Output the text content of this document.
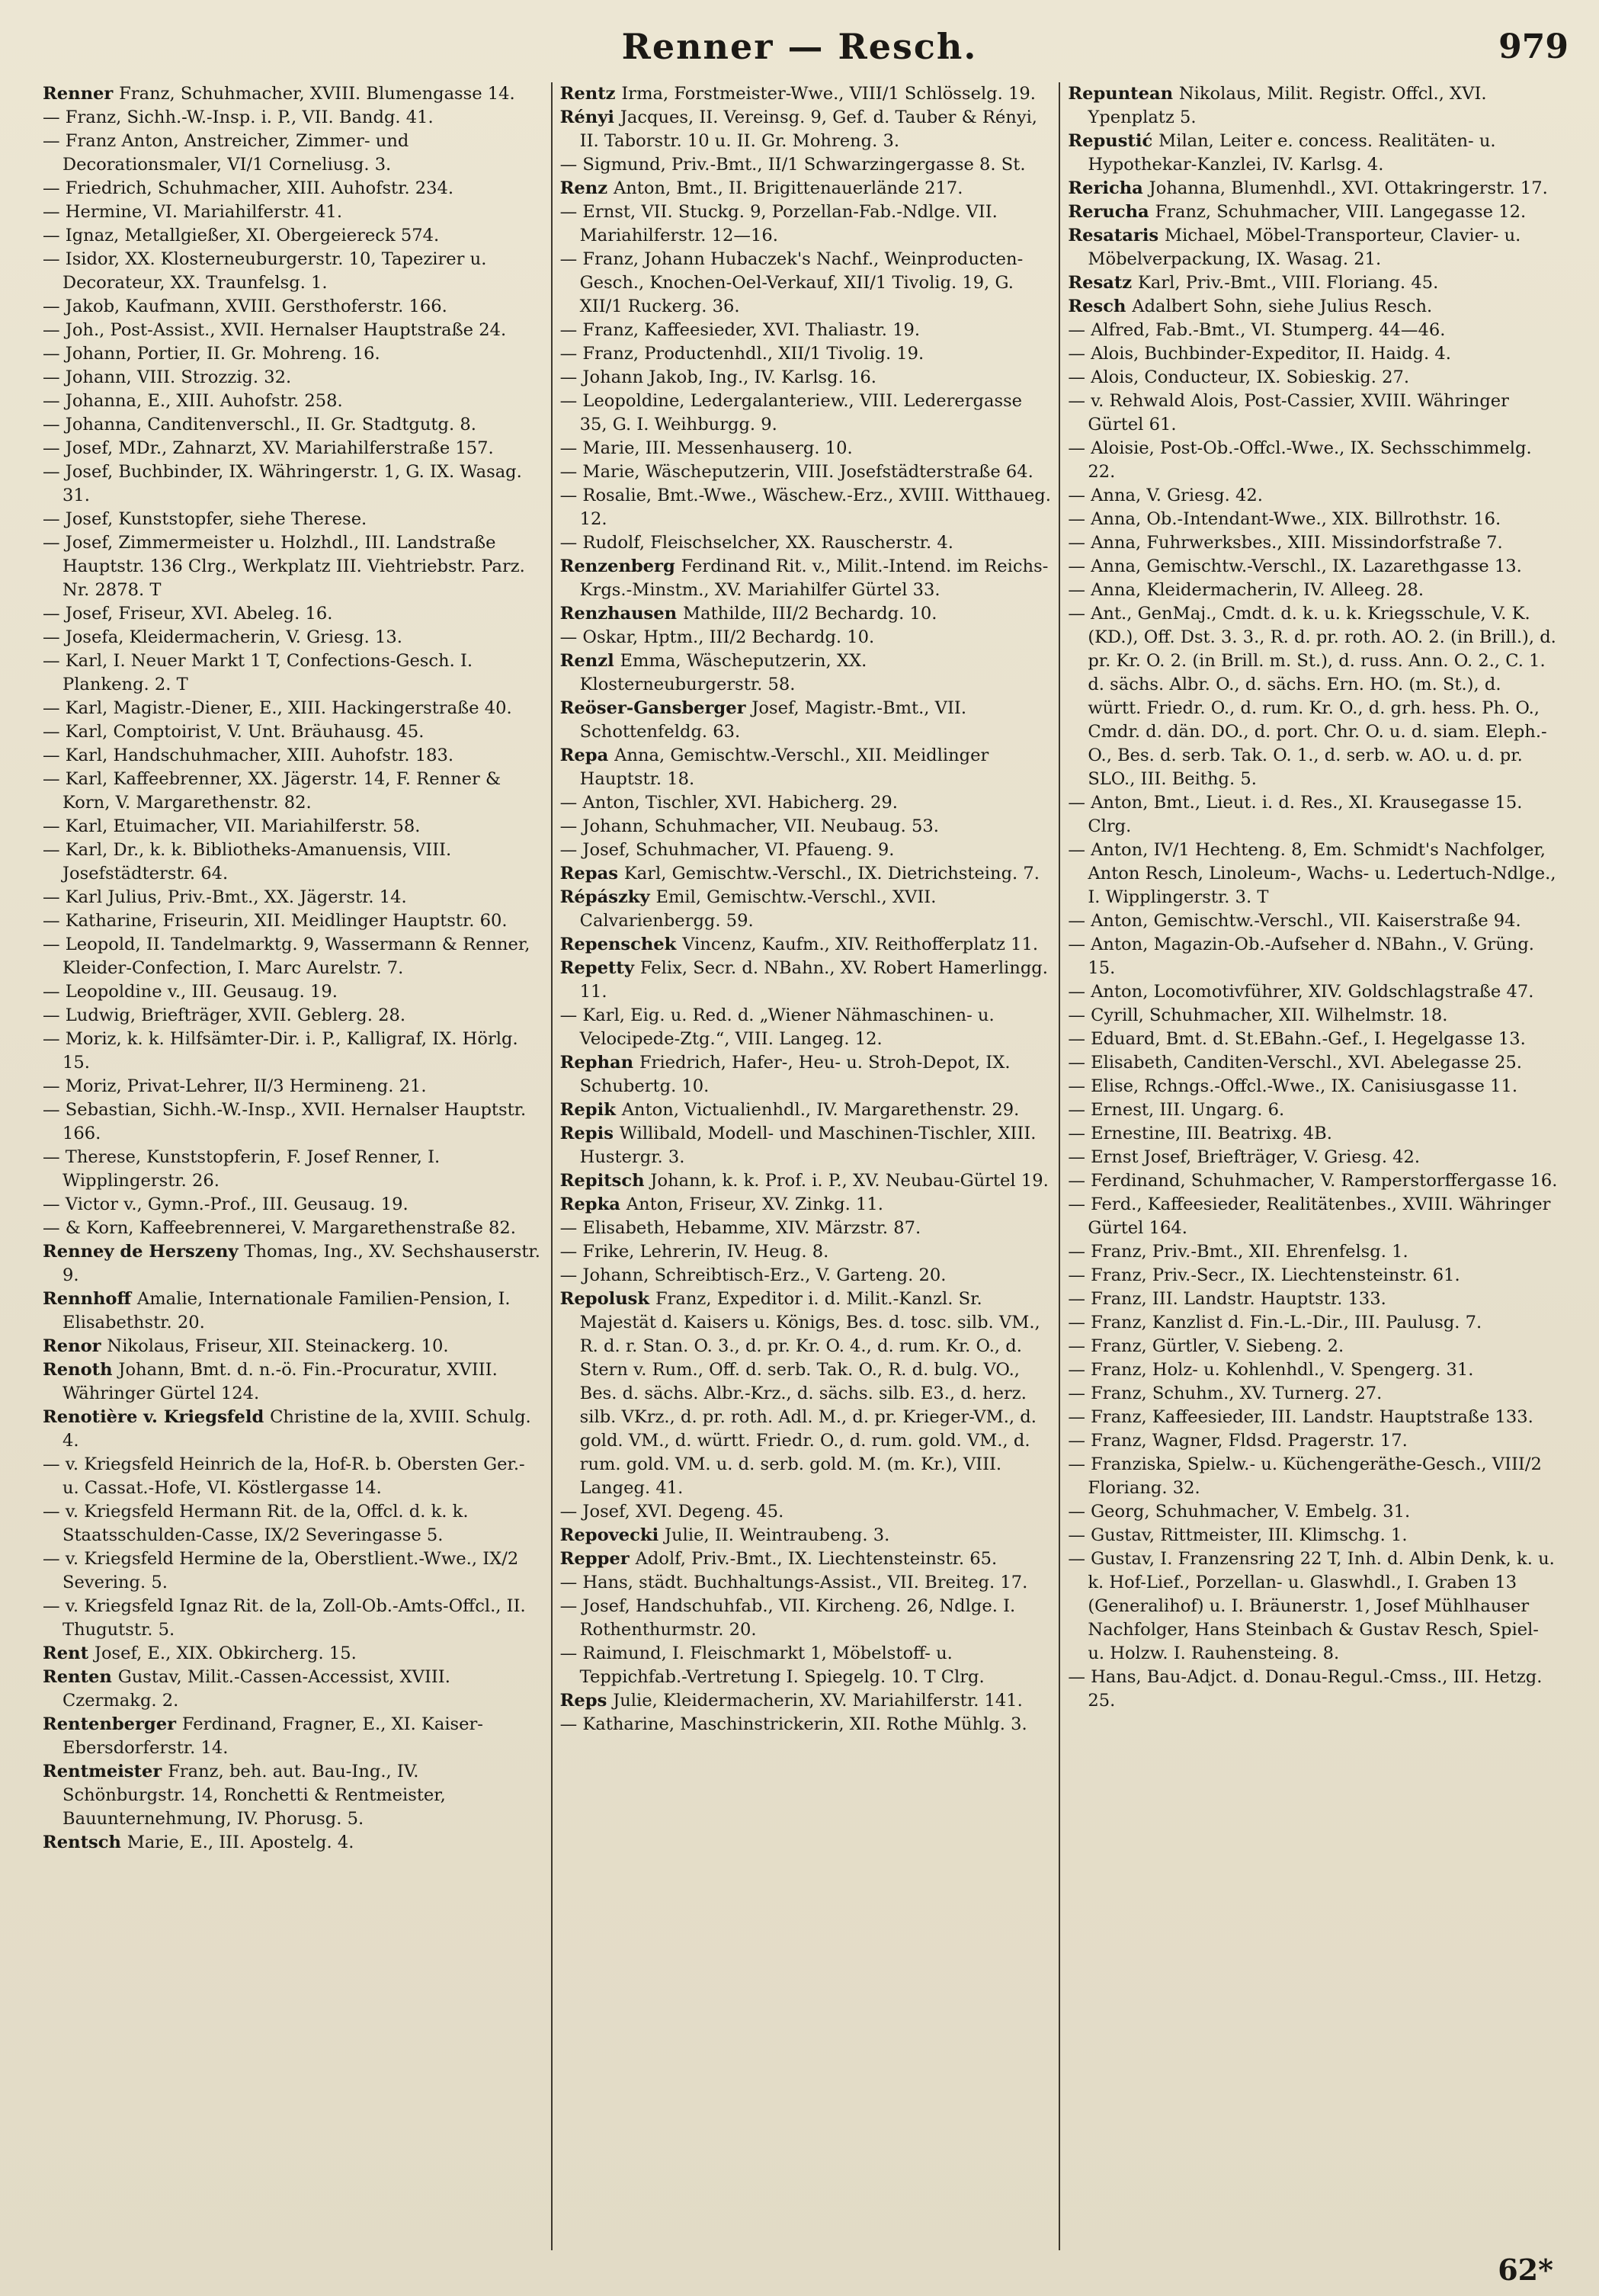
Renner — Resch.	979

Renner Franz, Schuhmacher, XVIII. Blumengasse 14.

— Franz, Sichh.-W.-Insp. i. P., VII. Bandg. 41.

— Franz Anton, Anstreicher, Zimmer- und Decorationsmaler, VI/1 Corneliusg. 3.

— Friedrich, Schuhmacher, XIII. Auhofstr. 234.

— Hermine, VI. Mariahilferstr. 41.

— Ignaz, Metallgießer, XI. Obergeiereck 574.

— Isidor, XX. Klosterneuburgerstr. 10, Tapezirer u. Decorateur, XX. Traunfelsg. 1.

— Jakob, Kaufmann, XVIII. Gersthoferstr. 166.

— Joh., Post-Assist., XVII. Hernalser Hauptstraße 24.

— Johann, Portier, II. Gr. Mohreng. 16.

— Johann, VIII. Strozzig. 32.

— Johanna, E., XIII. Auhofstr. 258.

— Johanna, Canditenverschl., II. Gr. Stadtgutg. 8.

— Josef, MDr., Zahnarzt, XV. Mariahilferstraße 157.

— Josef, Buchbinder, IX. Währingerstr. 1, G. IX. Wasag. 31.

— Josef, Kunststopfer, siehe Therese.

— Josef, Zimmermeister u. Holzhdl., III. Landstraße Hauptstr. 136 Clrg., Werkplatz III. Viehtriebstr. Parz. Nr. 2878. T

— Josef, Friseur, XVI. Abeleg. 16.

— Josefa, Kleidermacherin, V. Griesg. 13.

— Karl, I. Neuer Markt 1 T, Confections-Gesch. I. Plankeng. 2. T

— Karl, Magistr.-Diener, E., XIII. Hackingerstraße 40.

— Karl, Comptoirist, V. Unt. Bräuhausg. 45.

— Karl, Handschuhmacher, XIII. Auhofstr. 183.

— Karl, Kaffeebrenner, XX. Jägerstr. 14, F. Renner & Korn, V. Margarethenstr. 82.

— Karl, Etuimacher, VII. Mariahilferstr. 58.

— Karl, Dr., k. k. Bibliotheks-Amanuensis, VIII. Josefstädterstr. 64.

— Karl Julius, Priv.-Bmt., XX. Jägerstr. 14.

— Katharine, Friseurin, XII. Meidlinger Hauptstr. 60.

— Leopold, II. Tandelmarktg. 9, Wassermann & Renner, Kleider-Confection, I. Marc Aurelstr. 7.

— Leopoldine v., III. Geusaug. 19.

— Ludwig, Briefträger, XVII. Geblerg. 28.

— Moriz, k. k. Hilfsämter-Dir. i. P., Kalligraf, IX. Hörlg. 15.

— Moriz, Privat-Lehrer, II/3 Hermineng. 21.

— Sebastian, Sichh.-W.-Insp., XVII. Hernalser Hauptstr. 166.

— Therese, Kunststopferin, F. Josef Renner, I. Wipplingerstr. 26.

— Victor v., Gymn.-Prof., III. Geusaug. 19.

— & Korn, Kaffeebrennerei, V. Margarethenstraße 82.

Renney de Herszeny Thomas, Ing., XV. Sechshauserstr. 9.

Rennhoff Amalie, Internationale Familien-Pension, I. Elisabethstr. 20.

Renor Nikolaus, Friseur, XII. Steinackerg. 10.

Renoth Johann, Bmt. d. n.-ö. Fin.-Procuratur, XVIII. Währinger Gürtel 124.

Renotière v. Kriegsfeld Christine de la, XVIII. Schulg. 4.

— v. Kriegsfeld Heinrich de la, Hof-R. b. Obersten Ger.- u. Cassat.-Hofe, VI. Köstlergasse 14.

— v. Kriegsfeld Hermann Rit. de la, Offcl. d. k. k. Staatsschulden-Casse, IX/2 Severingasse 5.

— v. Kriegsfeld Hermine de la, Oberstlient.-Wwe., IX/2 Severing. 5.

— v. Kriegsfeld Ignaz Rit. de la, Zoll-Ob.-Amts-Offcl., II. Thugutstr. 5.

Rent Josef, E., XIX. Obkircherg. 15.

Renten Gustav, Milit.-Cassen-Accessist, XVIII. Czermakg. 2.

Rentenberger Ferdinand, Fragner, E., XI. Kaiser-Ebersdorferstr. 14.

Rentmeister Franz, beh. aut. Bau-Ing., IV. Schönburgstr. 14, Ronchetti & Rentmeister, Bauunternehmung, IV. Phorusg. 5.

Rentsch Marie, E., III. Apostelg. 4.

Rentz Irma, Forstmeister-Wwe., VIII/1 Schlösselg. 19.

Rényi Jacques, II. Vereinsg. 9, Gef. d. Tauber & Rényi, II. Taborstr. 10 u. II. Gr. Mohreng. 3.

— Sigmund, Priv.-Bmt., II/1 Schwarzingergasse 8. St.

Renz Anton, Bmt., II. Brigittenauerlände 217.

— Ernst, VII. Stuckg. 9, Porzellan-Fab.-Ndlge. VII. Mariahilferstr. 12—16.

— Franz, Johann Hubaczek's Nachf., Weinproducten-Gesch., Knochen-Oel-Verkauf, XII/1 Tivolig. 19, G. XII/1 Ruckerg. 36.

— Franz, Kaffeesieder, XVI. Thaliastr. 19.

— Franz, Productenhdl., XII/1 Tivolig. 19.

— Johann Jakob, Ing., IV. Karlsg. 16.

— Leopoldine, Ledergalanteriew., VIII. Lederergasse 35, G. I. Weihburgg. 9.

— Marie, III. Messenhauserg. 10.

— Marie, Wäscheputzerin, VIII. Josefstädterstraße 64.

— Rosalie, Bmt.-Wwe., Wäschew.-Erz., XVIII. Witthaueg. 12.

— Rudolf, Fleischselcher, XX. Rauscherstr. 4.

Renzenberg Ferdinand Rit. v., Milit.-Intend. im Reichs-Krgs.-Minstm., XV. Mariahilfer Gürtel 33.

Renzhausen Mathilde, III/2 Bechardg. 10.

— Oskar, Hptm., III/2 Bechardg. 10.

Renzl Emma, Wäscheputzerin, XX. Klosterneuburgerstr. 58.

Reöser-Gansberger Josef, Magistr.-Bmt., VII. Schottenfeldg. 63.

Repa Anna, Gemischtw.-Verschl., XII. Meidlinger Hauptstr. 18.

— Anton, Tischler, XVI. Habicherg. 29.

— Johann, Schuhmacher, VII. Neubaug. 53.

— Josef, Schuhmacher, VI. Pfaueng. 9.

Repas Karl, Gemischtw.-Verschl., IX. Dietrichsteing. 7.

Répászky Emil, Gemischtw.-Verschl., XVII. Calvarienbergg. 59.

Repenschek Vincenz, Kaufm., XIV. Reithofferplatz 11.

Repetty Felix, Secr. d. NBahn., XV. Robert Hamerlingg. 11.

— Karl, Eig. u. Red. d. „Wiener Nähmaschinen- u. Velocipede-Ztg.“, VIII. Langeg. 12.

Rephan Friedrich, Hafer-, Heu- u. Stroh-Depot, IX. Schubertg. 10.

Repik Anton, Victualienhdl., IV. Margarethenstr. 29.

Repis Willibald, Modell- und Maschinen-Tischler, XIII. Hustergr. 3.

Repitsch Johann, k. k. Prof. i. P., XV. Neubau-Gürtel 19.

Repka Anton, Friseur, XV. Zinkg. 11.

— Elisabeth, Hebamme, XIV. Märzstr. 87.

— Frike, Lehrerin, IV. Heug. 8.

— Johann, Schreibtisch-Erz., V. Garteng. 20.

Repolusk Franz, Expeditor i. d. Milit.-Kanzl. Sr. Majestät d. Kaisers u. Königs, Bes. d. tosc. silb. VM., R. d. r. Stan. O. 3., d. pr. Kr. O. 4., d. rum. Kr. O., d. Stern v. Rum., Off. d. serb. Tak. O., R. d. bulg. VO., Bes. d. sächs. Albr.-Krz., d. sächs. silb. E3., d. herz. silb. VKrz., d. pr. roth. Adl. M., d. pr. Krieger-VM., d. gold. VM., d. württ. Friedr. O., d. rum. gold. VM., d. rum. gold. VM. u. d. serb. gold. M. (m. Kr.), VIII. Langeg. 41.

— Josef, XVI. Degeng. 45.

Repovecki Julie, II. Weintraubeng. 3.

Repper Adolf, Priv.-Bmt., IX. Liechtensteinstr. 65.

— Hans, städt. Buchhaltungs-Assist., VII. Breiteg. 17.

— Josef, Handschuhfab., VII. Kircheng. 26, Ndlge. I. Rothenthurmstr. 20.

— Raimund, I. Fleischmarkt 1, Möbelstoff- u. Teppichfab.-Vertretung I. Spiegelg. 10. T Clrg.

Reps Julie, Kleidermacherin, XV. Mariahilferstr. 141.

— Katharine, Maschinstrickerin, XII. Rothe Mühlg. 3.

Repuntean Nikolaus, Milit. Registr. Offcl., XVI. Ypenplatz 5.

Repustić Milan, Leiter e. concess. Realitäten- u. Hypothekar-Kanzlei, IV. Karlsg. 4.

Rericha Johanna, Blumenhdl., XVI. Ottakringerstr. 17.

Rerucha Franz, Schuhmacher, VIII. Langegasse 12.

Resataris Michael, Möbel-Transporteur, Clavier- u. Möbelverpackung, IX. Wasag. 21.

Resatz Karl, Priv.-Bmt., VIII. Floriang. 45.

Resch Adalbert Sohn, siehe Julius Resch.

— Alfred, Fab.-Bmt., VI. Stumperg. 44—46.

— Alois, Buchbinder-Expeditor, II. Haidg. 4.

— Alois, Conducteur, IX. Sobieskig. 27.

— v. Rehwald Alois, Post-Cassier, XVIII. Währinger Gürtel 61.

— Aloisie, Post-Ob.-Offcl.-Wwe., IX. Sechsschimmelg. 22.

— Anna, V. Griesg. 42.

— Anna, Ob.-Intendant-Wwe., XIX. Billrothstr. 16.

— Anna, Fuhrwerksbes., XIII. Missindorfstraße 7.

— Anna, Gemischtw.-Verschl., IX. Lazarethgasse 13.

— Anna, Kleidermacherin, IV. Alleeg. 28.

— Ant., GenMaj., Cmdt. d. k. u. k. Kriegsschule, V. K. (KD.), Off. Dst. 3. 3., R. d. pr. roth. AO. 2. (in Brill.), d. pr. Kr. O. 2. (in Brill. m. St.), d. russ. Ann. O. 2., C. 1. d. sächs. Albr. O., d. sächs. Ern. HO. (m. St.), d. württ. Friedr. O., d. rum. Kr. O., d. grh. hess. Ph. O., Cmdr. d. dän. DO., d. port. Chr. O. u. d. siam. Eleph.-O., Bes. d. serb. Tak. O. 1., d. serb. w. AO. u. d. pr. SLO., III. Beithg. 5.

— Anton, Bmt., Lieut. i. d. Res., XI. Krausegasse 15. Clrg.

— Anton, IV/1 Hechteng. 8, Em. Schmidt's Nachfolger, Anton Resch, Linoleum-, Wachs- u. Ledertuch-Ndlge., I. Wipplingerstr. 3. T

— Anton, Gemischtw.-Verschl., VII. Kaiserstraße 94.

— Anton, Magazin-Ob.-Aufseher d. NBahn., V. Grüng. 15.

— Anton, Locomotivführer, XIV. Goldschlagstraße 47.

— Cyrill, Schuhmacher, XII. Wilhelmstr. 18.

— Eduard, Bmt. d. St.EBahn.-Gef., I. Hegelgasse 13.

— Elisabeth, Canditen-Verschl., XVI. Abelegasse 25.

— Elise, Rchngs.-Offcl.-Wwe., IX. Canisiusgasse 11.

— Ernest, III. Ungarg. 6.

— Ernestine, III. Beatrixg. 4B.

— Ernst Josef, Briefträger, V. Griesg. 42.

— Ferdinand, Schuhmacher, V. Ramperstorffergasse 16.

— Ferd., Kaffeesieder, Realitätenbes., XVIII. Währinger Gürtel 164.

— Franz, Priv.-Bmt., XII. Ehrenfelsg. 1.

— Franz, Priv.-Secr., IX. Liechtensteinstr. 61.

— Franz, III. Landstr. Hauptstr. 133.

— Franz, Kanzlist d. Fin.-L.-Dir., III. Paulusg. 7.

— Franz, Gürtler, V. Siebeng. 2.

— Franz, Holz- u. Kohlenhdl., V. Spengerg. 31.

— Franz, Schuhm., XV. Turnerg. 27.

— Franz, Kaffeesieder, III. Landstr. Hauptstraße 133.

— Franz, Wagner, Fldsd. Pragerstr. 17.

— Franziska, Spielw.- u. Küchengeräthe-Gesch., VIII/2 Floriang. 32.

— Georg, Schuhmacher, V. Embelg. 31.

— Gustav, Rittmeister, III. Klimschg. 1.

— Gustav, I. Franzensring 22 T, Inh. d. Albin Denk, k. u. k. Hof-Lief., Porzellan- u. Glaswhdl., I. Graben 13 (Generalihof) u. I. Bräunerstr. 1, Josef Mühlhauser Nachfolger, Hans Steinbach & Gustav Resch, Spiel- u. Holzw. I. Rauhensteing. 8.

— Hans, Bau-Adjct. d. Donau-Regul.-Cmss., III. Hetzg. 25.

62*
